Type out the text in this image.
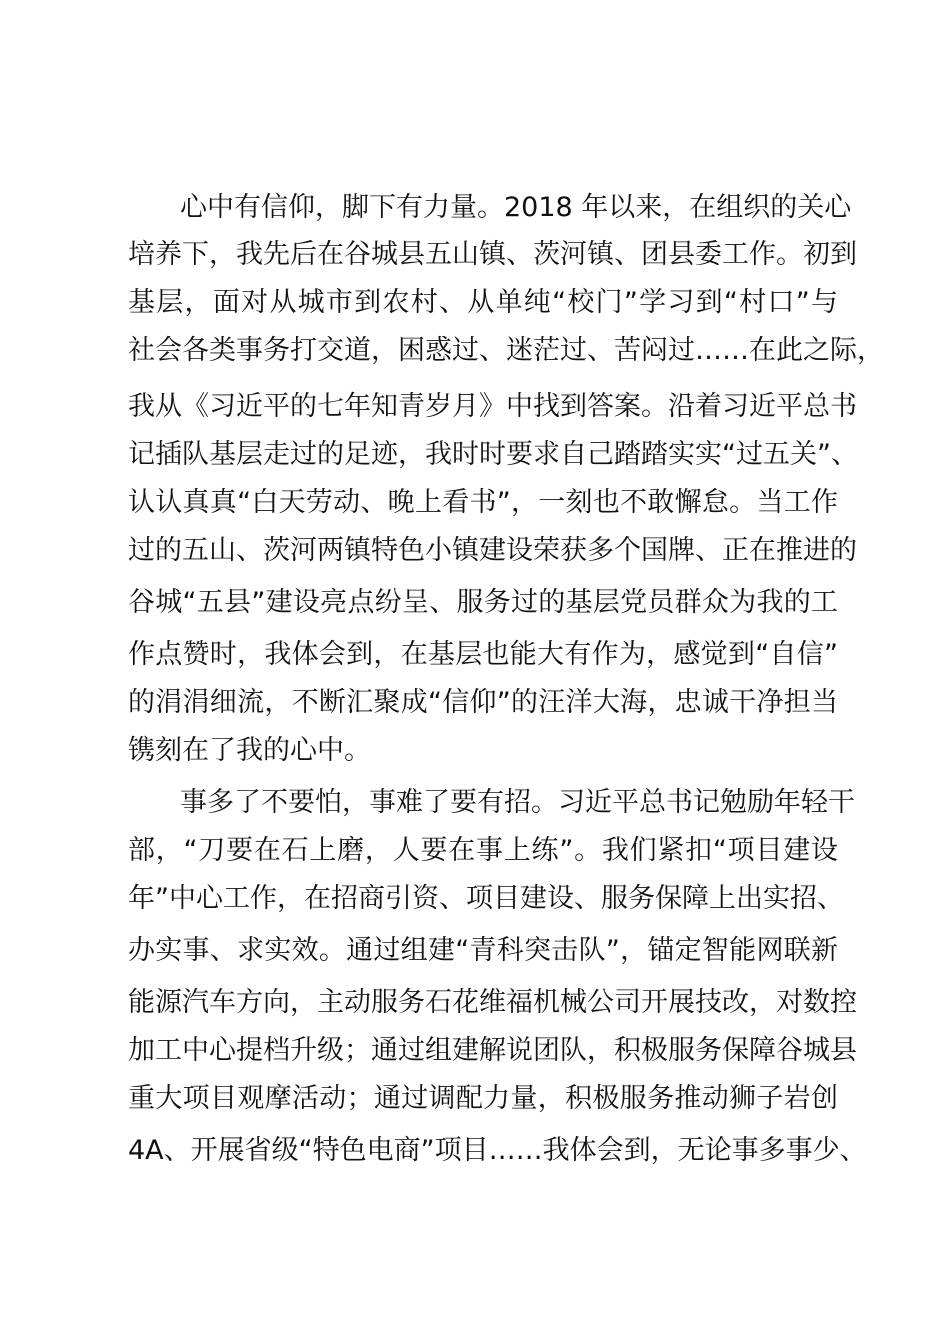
心中有信仰，脚下有力量。2018 年以来，在组织的关心
培养下，我先后在谷城县五山镇、茨河镇、团县委工作。初到
基层，面对从城市到农村、从单纯“校门”学习到“村口”与
社会各类事务打交道，困惑过、迷茫过、苦闷过……在此之际，
我从《习近平的七年知青岁月》中找到答案。沿着习近平总书
记插队基层走过的足迹，我时时要求自己踏踏实实“过五关”、
认认真真“白天劳动、晚上看书”，一刻也不敢懈怠。当工作
过的五山、茨河两镇特色小镇建设荣获多个国牌、正在推进的
谷城“五县”建设亮点纷呈、服务过的基层党员群众为我的工
作点赞时，我体会到，在基层也能大有作为，感觉到“自信”
的涓涓细流，不断汇聚成“信仰”的汪洋大海，忠诚干净担当
镌刻在了我的心中。
事多了不要怕，事难了要有招。习近平总书记勉励年轻干
部，“刀要在石上磨，人要在事上练”。我们紧扣“项目建设
年”中心工作，在招商引资、项目建设、服务保障上出实招、
办实事、求实效。通过组建“青科突击队”，锚定智能网联新
能源汽车方向，主动服务石花维福机械公司开展技改，对数控
加工中心提档升级；通过组建解说团队，积极服务保障谷城县
重大项目观摩活动；通过调配力量，积极服务推动狮子岩创
4A、开展省级“特色电商”项目……我体会到，无论事多事少、
